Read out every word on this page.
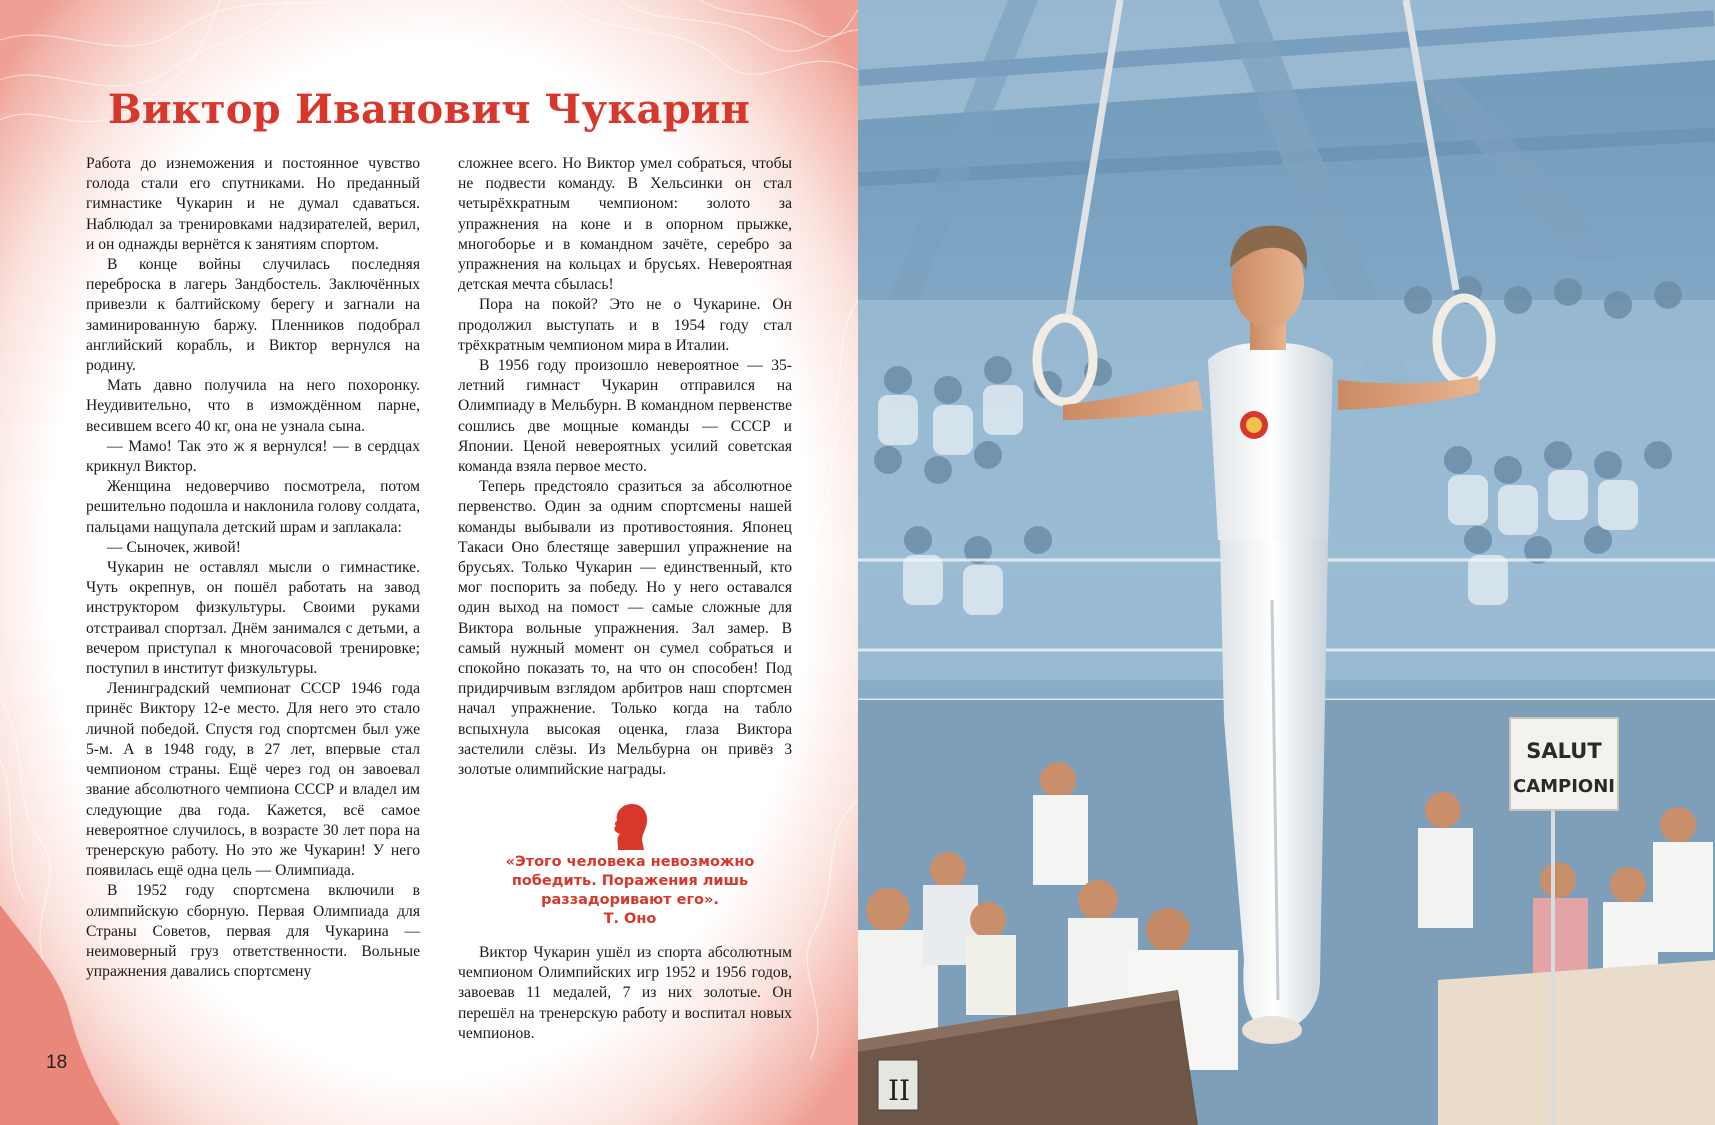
Виктор Иванович Чукарин

Работа до изнеможения и постоянное чувство голода стали его спутниками. Но преданный гимнастике Чукарин и не думал сдаваться. Наблюдал за тренировками надзирателей, верил, и он однажды вернётся к занятиям спортом.

В конце войны случилась последняя переброска в лагерь Зандбостель. Заключённых привезли к балтийскому берегу и загнали на заминированную баржу. Пленников подобрал английский корабль, и Виктор вернулся на родину.

Мать давно получила на него похоронку. Неудивительно, что в измождённом парне, весившем всего 40 кг, она не узнала сына.

— Мамо! Так это ж я вернулся! — в сердцах крикнул Виктор.

Женщина недоверчиво посмотрела, потом решительно подошла и наклонила голову солдата, пальцами нащупала детский шрам и заплакала:

— Сыночек, живой!

Чукарин не оставлял мысли о гимнастике. Чуть окрепнув, он пошёл работать на завод инструктором физкультуры. Своими руками отстраивал спортзал. Днём занимался с детьми, а вечером приступал к многочасовой тренировке; поступил в институт физкультуры.

Ленинградский чемпионат СССР 1946 года принёс Виктору 12-е место. Для него это стало личной победой. Спустя год спортсмен был уже 5-м. А в 1948 году, в 27 лет, впервые стал чемпионом страны. Ещё через год он завоевал звание абсолютного чемпиона СССР и владел им следующие два года. Кажется, всё самое невероятное случилось, в возрасте 30 лет пора на тренерскую работу. Но это же Чукарин! У него появилась ещё одна цель — Олимпиада.

В 1952 году спортсмена включили в олимпийскую сборную. Первая Олимпиада для Страны Советов, первая для Чукарина — неимоверный груз ответственности. Вольные упражнения давались спортсмену

сложнее всего. Но Виктор умел собраться, чтобы не подвести команду. В Хельсинки он стал четырёхкратным чемпионом: золото за упражнения на коне и в опорном прыжке, многоборье и в командном зачёте, серебро за упражнения на кольцах и брусьях. Невероятная детская мечта сбылась!

Пора на покой? Это не о Чукарине. Он продолжил выступать и в 1954 году стал трёхкратным чемпионом мира в Италии.

В 1956 году произошло невероятное — 35-летний гимнаст Чукарин отправился на Олимпиаду в Мельбурн. В командном первенстве сошлись две мощные команды — СССР и Японии. Ценой невероятных усилий советская команда взяла первое место.

Теперь предстояло сразиться за абсолютное первенство. Один за одним спортсмены нашей команды выбывали из противостояния. Японец Такаси Оно блестяще завершил упражнение на брусьях. Только Чукарин — единственный, кто мог поспорить за победу. Но у него оставался один выход на помост — самые сложные для Виктора вольные упражнения. Зал замер. В самый нужный момент он сумел собраться и спокойно показать то, на что он способен! Под придирчивым взглядом арбитров наш спортсмен начал упражнение. Только когда на табло вспыхнула высокая оценка, глаза Виктора застелили слёзы. Из Мельбурна он привёз 3 золотые олимпийские награды.

«Этого человека невозможно
победить. Поражения лишь
раззадоривают его».
Т. Оно

Виктор Чукарин ушёл из спорта абсолютным чемпионом Олимпийских игр 1952 и 1956 годов, завоевав 11 медалей, 7 из них золотые. Он перешёл на тренерскую работу и воспитал новых чемпионов.

18
II
SALUT
CAMPIONI
